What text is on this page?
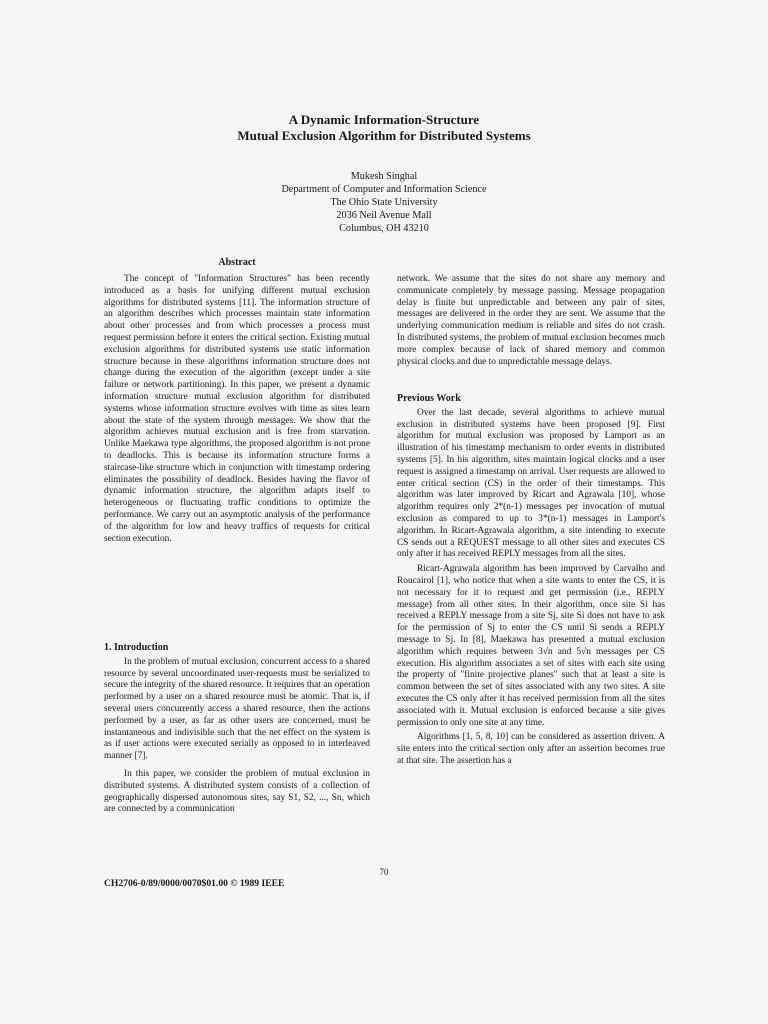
A Dynamic Information-Structure
Mutual Exclusion Algorithm for Distributed Systems
Mukesh Singhal
Department of Computer and Information Science
The Ohio State University
2036 Neil Avenue Mall
Columbus, OH 43210
Abstract

The concept of "Information Structures" has been recently introduced as a basis for unifying different mutual exclusion algorithms for distributed systems [11]. The information structure of an algorithm describes which processes maintain state information about other processes and from which processes a process must request permission before it enters the critical section. Existing mutual exclusion algorithms for distributed systems use static information structure because in these algorithms information structure does not change during the execution of the algorithm (except under a site failure or network partitioning). In this paper, we present a dynamic information structure mutual exclusion algorithm for distributed systems whose information structure evolves with time as sites learn about the state of the system through messages. We show that the algorithm achieves mutual exclusion and is free from starvation. Unlike Maekawa type algorithms, the proposed algorithm is not prone to deadlocks. This is because its information structure forms a staircase-like structure which in conjunction with timestamp ordering eliminates the possibility of deadlock. Besides having the flavor of dynamic information structure, the algorithm adapts itself to heterogeneous or fluctuating traffic conditions to optimize the performance. We carry out an asymptotic analysis of the performance of the algorithm for low and heavy traffics of requests for critical section execution.

1. Introduction

In the problem of mutual exclusion, concurrent access to a shared resource by several uncoordinated user-requests must be serialized to secure the integrity of the shared resource. It requires that an operation performed by a user on a shared resource must be atomic. That is, if several users concurrently access a shared resource, then the actions performed by a user, as far as other users are concerned, must be instantaneous and indivisible such that the net effect on the system is as if user actions were executed serially as opposed to in interleaved manner [7].

In this paper, we consider the problem of mutual exclusion in distributed systems. A distributed system consists of a collection of geographically dispersed autonomous sites, say S1, S2, ..., Sn, which are connected by a communication

network. We assume that the sites do not share any memory and communicate completely by message passing. Message propagation delay is finite but unpredictable and between any pair of sites, messages are delivered in the order they are sent. We assume that the underlying communication medium is reliable and sites do not crash. In distributed systems, the problem of mutual exclusion becomes much more complex because of lack of shared memory and common physical clocks and due to unpredictable message delays.

Previous Work

Over the last decade, several algorithms to achieve mutual exclusion in distributed systems have been proposed [9]. First algorithm for mutual exclusion was proposed by Lamport as an illustration of his timestamp mechanism to order events in distributed systems [5]. In his algorithm, sites maintain logical clocks and a user request is assigned a timestamp on arrival. User requests are allowed to enter critical section (CS) in the order of their timestamps. This algorithm was later improved by Ricart and Agrawala [10], whose algorithm requires only 2*(n-1) messages per invocation of mutual exclusion as compared to up to 3*(n-1) messages in Lamport's algorithm. In Ricart-Agrawala algorithm, a site intending to execute CS sends out a REQUEST message to all other sites and executes CS only after it has received REPLY messages from all the sites.

Ricart-Agrawala algorithm has been improved by Carvalho and Roucairol [1], who notice that when a site wants to enter the CS, it is not necessary for it to request and get permission (i.e., REPLY message) from all other sites. In their algorithm, once site Si has received a REPLY message from a site Sj, site Si does not have to ask for the permission of Sj to enter the CS until Si sends a REPLY message to Sj. In [8], Maekawa has presented a mutual exclusion algorithm which requires between 3√n and 5√n messages per CS execution. His algorithm associates a set of sites with each site using the property of "finite projective planes" such that at least a site is common between the set of sites associated with any two sites. A site executes the CS only after it has received permission from all the sites associated with it. Mutual exclusion is enforced because a site gives permission to only one site at any time.

Algorithms [1, 5, 8, 10] can be considered as assertion driven. A site enters into the critical section only after an assertion becomes true at that site. The assertion has a

70
CH2706-0/89/0000/0070$01.00 © 1989 IEEE
